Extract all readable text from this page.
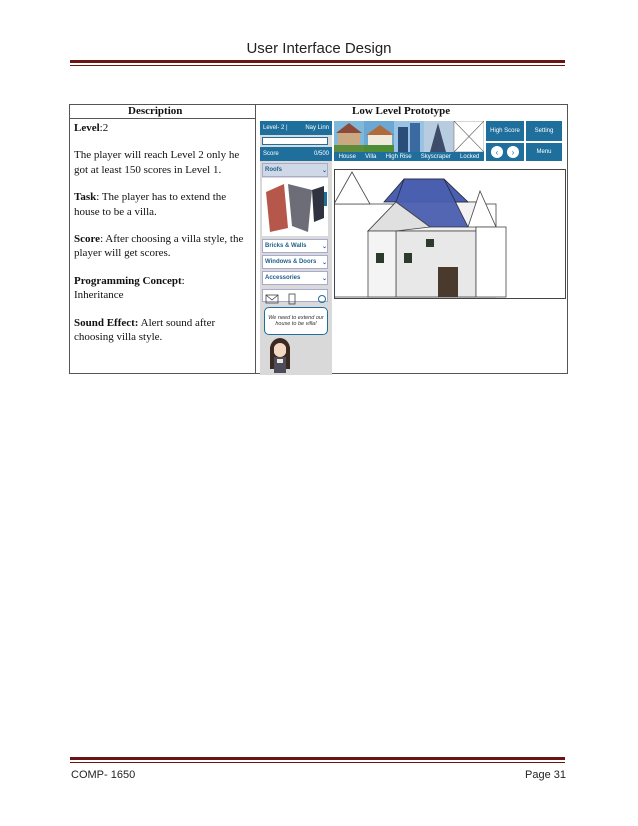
User Interface Design
Description	Low Level Prototype

Level:2

The player will reach Level 2 only he got at least 150 scores in Level 1.

Task: The player has to extend the house to be a villa.

Score: After choosing a villa style, the player will get scores.

Programming Concept:
Inheritance

Sound Effect: Alert sound after choosing villa style.

Level- 2 |	Nay Linn
Score	0/500
Roofs	⌄
Bricks & Walls	⌄
Windows & Doors ⌄
Accessories	⌄
We need to extend our house to be villa!
House Villa High Rise Skyscraper Locked
High Score	Setting
‹	›	Menu
COMP- 1650	Page 31
